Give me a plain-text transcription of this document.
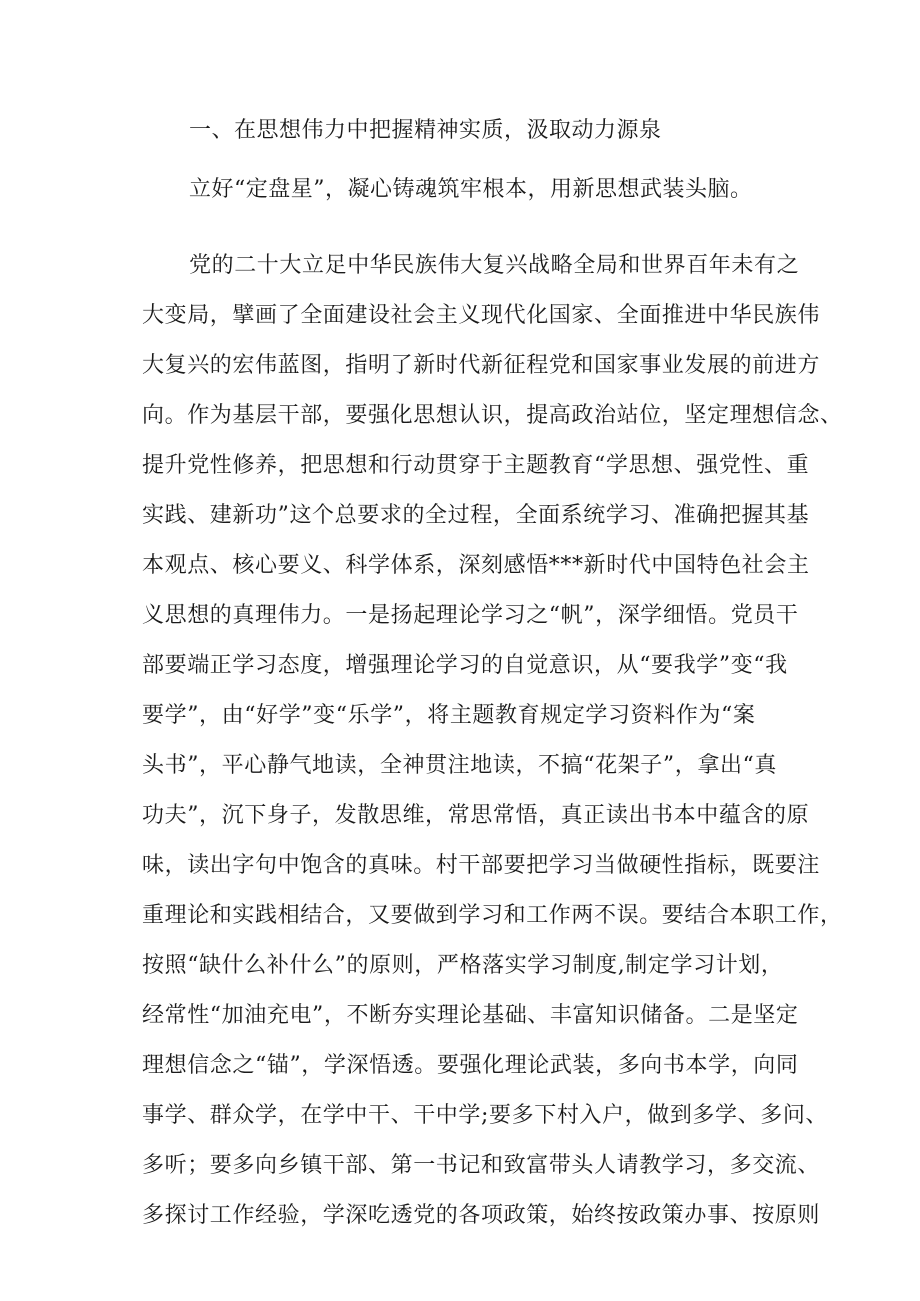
一、在思想伟力中把握精神实质，汲取动力源泉
立好“定盘星”，凝心铸魂筑牢根本，用新思想武装头脑。
党的二十大立足中华民族伟大复兴战略全局和世界百年未有之
大变局，擘画了全面建设社会主义现代化国家、全面推进中华民族伟
大复兴的宏伟蓝图，指明了新时代新征程党和国家事业发展的前进方
向。作为基层干部，要强化思想认识，提高政治站位，坚定理想信念、
提升党性修养，把思想和行动贯穿于主题教育“学思想、强党性、重
实践、建新功”这个总要求的全过程，全面系统学习、准确把握其基
本观点、核心要义、科学体系，深刻感悟***新时代中国特色社会主
义思想的真理伟力。一是扬起理论学习之“帆”，深学细悟。党员干
部要端正学习态度，增强理论学习的自觉意识，从“要我学”变“我
要学”，由“好学”变“乐学”，将主题教育规定学习资料作为“案
头书”，平心静气地读，全神贯注地读，不搞“花架子”，拿出“真
功夫”，沉下身子，发散思维，常思常悟，真正读出书本中蕴含的原
味，读出字句中饱含的真味。村干部要把学习当做硬性指标，既要注
重理论和实践相结合，又要做到学习和工作两不误。要结合本职工作，
按照“缺什么补什么”的原则，严格落实学习制度,制定学习计划，
经常性“加油充电”，不断夯实理论基础、丰富知识储备。二是坚定
理想信念之“锚”，学深悟透。要强化理论武装，多向书本学，向同
事学、群众学，在学中干、干中学;要多下村入户，做到多学、多问、
多听；要多向乡镇干部、第一书记和致富带头人请教学习，多交流、
多探讨工作经验，学深吃透党的各项政策，始终按政策办事、按原则
